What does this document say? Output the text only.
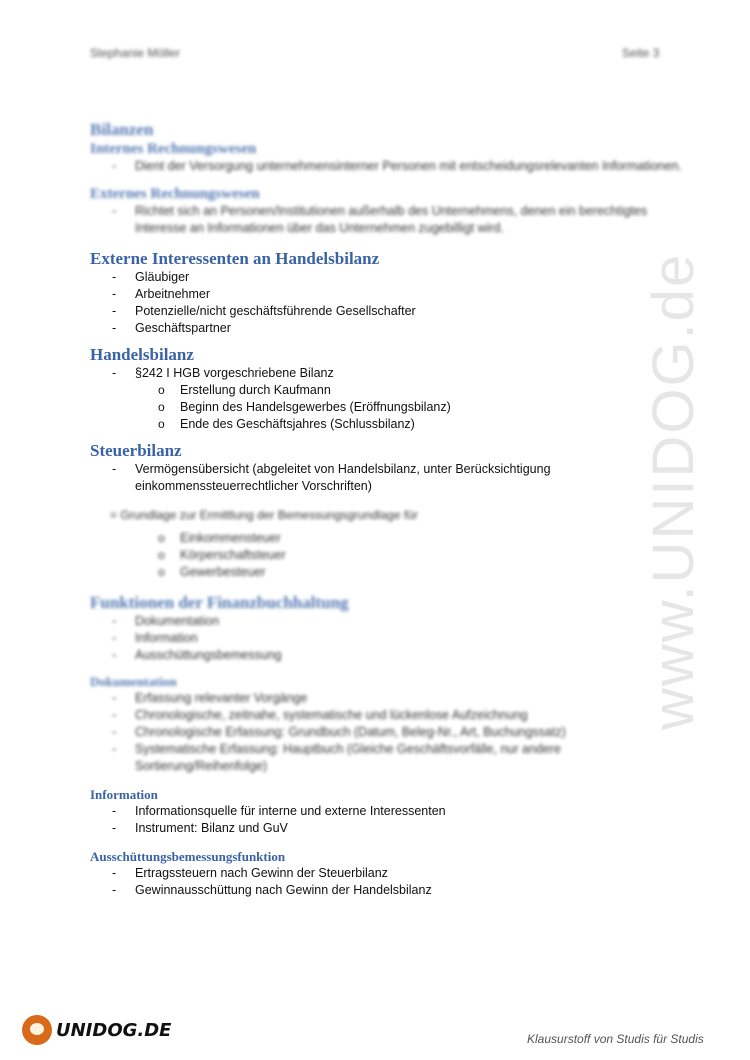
Stephanie Möller	Seite 3
www.UNIDOG.de
Bilanzen
Internes Rechnungswesen
- Dient der Versorgung unternehmensinterner Personen mit entscheidungsrelevanten Informationen.
Externes Rechnungswesen
- Richtet sich an Personen/Institutionen außerhalb des Unternehmens, denen ein berechtigtes Interesse an Informationen über das Unternehmen zugebilligt wird.
Externe Interessenten an Handelsbilanz
- Gläubiger
- Arbeitnehmer
- Potenzielle/nicht geschäftsführende Gesellschafter
- Geschäftspartner
Handelsbilanz
- §242 I HGB vorgeschriebene Bilanz
o Erstellung durch Kaufmann
o Beginn des Handelsgewerbes (Eröffnungsbilanz)
o Ende des Geschäftsjahres (Schlussbilanz)
Steuerbilanz
- Vermögensübersicht (abgeleitet von Handelsbilanz, unter Berücksichtigung einkommenssteuerrechtlicher Vorschriften)
= Grundlage zur Ermittlung der Bemessungsgrundlage für
o Einkommensteuer
o Körperschaftsteuer
o Gewerbesteuer
Funktionen der Finanzbuchhaltung
- Dokumentation
- Information
- Ausschüttungsbemessung
Dokumentation
- Erfassung relevanter Vorgänge
- Chronologische, zeitnahe, systematische und lückenlose Aufzeichnung
- Chronologische Erfassung: Grundbuch (Datum, Beleg-Nr., Art, Buchungssatz)
- Systematische Erfassung: Hauptbuch (Gleiche Geschäftsvorfälle, nur andere Sortierung/Reihenfolge)
Information
- Informationsquelle für interne und externe Interessenten
- Instrument: Bilanz und GuV
Ausschüttungsbemessungsfunktion
- Ertragssteuern nach Gewinn der Steuerbilanz
- Gewinnausschüttung nach Gewinn der Handelsbilanz
UNIDOG.DE	Klausurstoff von Studis für Studis
